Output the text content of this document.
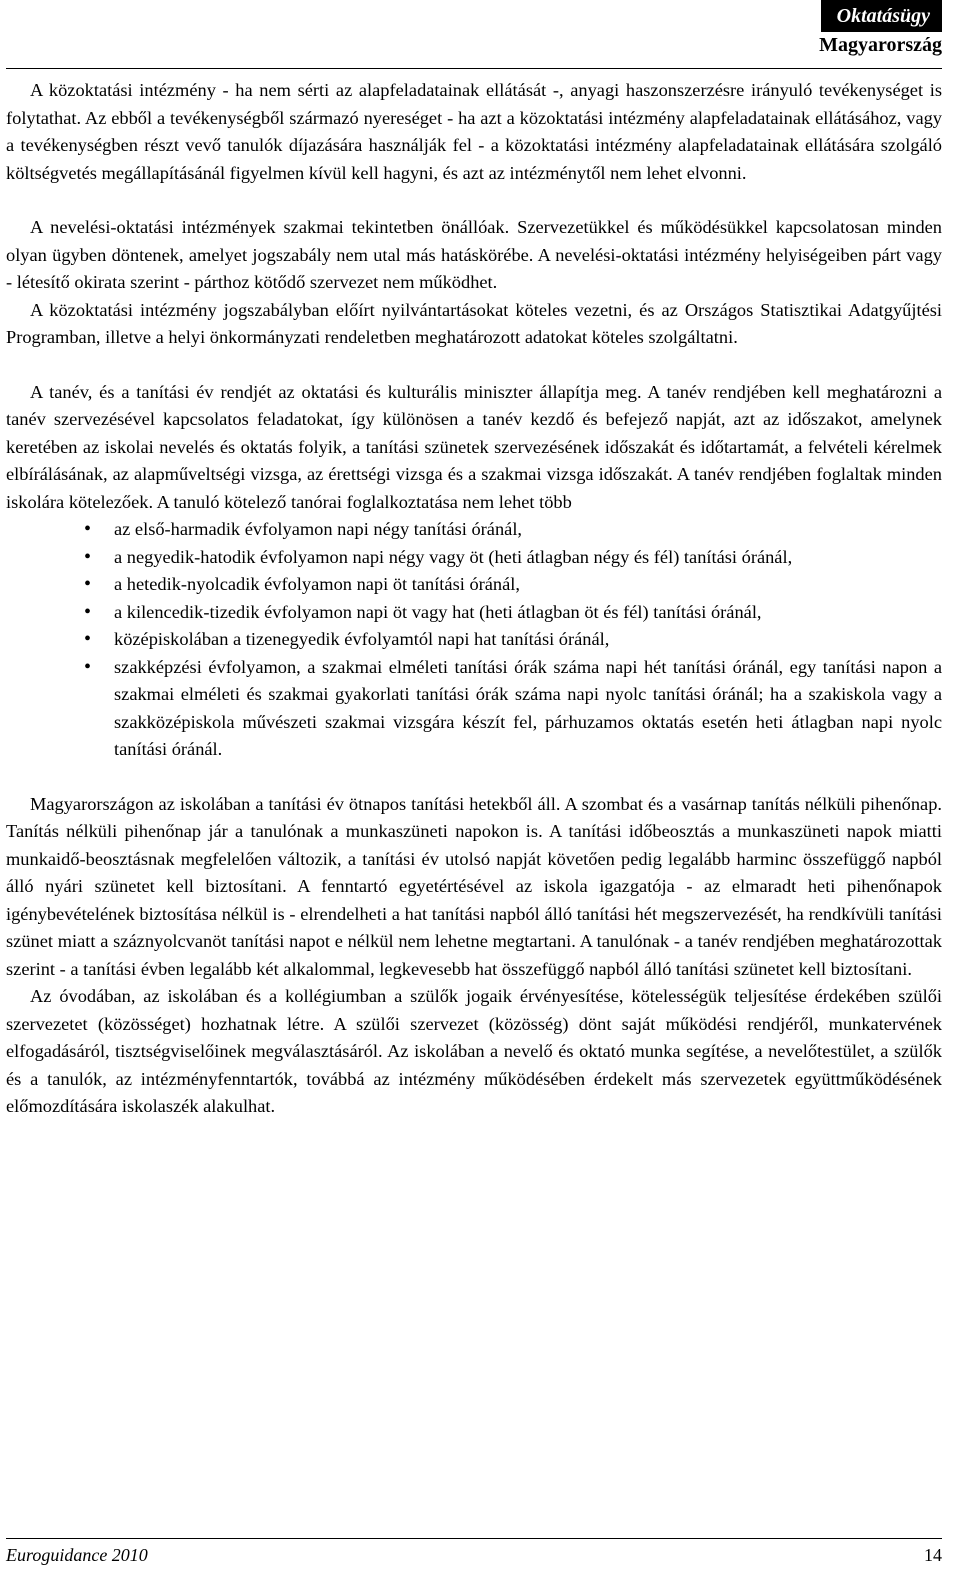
Oktatásügy
Magyarország

A közoktatási intézmény - ha nem sérti az alapfeladatainak ellátását -, anyagi haszonszerzésre irányuló tevékenységet is folytathat. Az ebből a tevékenységből származó nyereséget - ha azt a közoktatási intézmény alapfeladatainak ellátásához, vagy a tevékenységben részt vevő tanulók díjazására használják fel - a közoktatási intézmény alapfeladatainak ellátására szolgáló költségvetés megállapításánál figyelmen kívül kell hagyni, és azt az intézménytől nem lehet elvonni.

A nevelési-oktatási intézmények szakmai tekintetben önállóak. Szervezetükkel és működésükkel kapcsolatosan minden olyan ügyben döntenek, amelyet jogszabály nem utal más hatáskörébe. A nevelési-oktatási intézmény helyiségeiben párt vagy - létesítő okirata szerint - párthoz kötődő szervezet nem működhet.

A közoktatási intézmény jogszabályban előírt nyilvántartásokat köteles vezetni, és az Országos Statisztikai Adatgyűjtési Programban, illetve a helyi önkormányzati rendeletben meghatározott adatokat köteles szolgáltatni.

A tanév, és a tanítási év rendjét az oktatási és kulturális miniszter állapítja meg. A tanév rendjében kell meghatározni a tanév szervezésével kapcsolatos feladatokat, így különösen a tanév kezdő és befejező napját, azt az időszakot, amelynek keretében az iskolai nevelés és oktatás folyik, a tanítási szünetek szervezésének időszakát és időtartamát, a felvételi kérelmek elbírálásának, az alapműveltségi vizsga, az érettségi vizsga és a szakmai vizsga időszakát. A tanév rendjében foglaltak minden iskolára kötelezőek. A tanuló kötelező tanórai foglalkoztatása nem lehet több

• az első-harmadik évfolyamon napi négy tanítási óránál,
• a negyedik-hatodik évfolyamon napi négy vagy öt (heti átlagban négy és fél) tanítási óránál,
• a hetedik-nyolcadik évfolyamon napi öt tanítási óránál,
• a kilencedik-tizedik évfolyamon napi öt vagy hat (heti átlagban öt és fél) tanítási óránál,
• középiskolában a tizenegyedik évfolyamtól napi hat tanítási óránál,
• szakképzési évfolyamon, a szakmai elméleti tanítási órák száma napi hét tanítási óránál, egy tanítási napon a szakmai elméleti és szakmai gyakorlati tanítási órák száma napi nyolc tanítási óránál; ha a szakiskola vagy a szakközépiskola művészeti szakmai vizsgára készít fel, párhuzamos oktatás esetén heti átlagban napi nyolc tanítási óránál.

Magyarországon az iskolában a tanítási év ötnapos tanítási hetekből áll. A szombat és a vasárnap tanítás nélküli pihenőnap. Tanítás nélküli pihenőnap jár a tanulónak a munkaszüneti napokon is. A tanítási időbeosztás a munkaszüneti napok miatti munkaidő-beosztásnak megfelelően változik, a tanítási év utolsó napját követően pedig legalább harminc összefüggő napból álló nyári szünetet kell biztosítani. A fenntartó egyetértésével az iskola igazgatója - az elmaradt heti pihenőnapok igénybevételének biztosítása nélkül is - elrendelheti a hat tanítási napból álló tanítási hét megszervezését, ha rendkívüli tanítási szünet miatt a száznyolcvanöt tanítási napot e nélkül nem lehetne megtartani. A tanulónak - a tanév rendjében meghatározottak szerint - a tanítási évben legalább két alkalommal, legkevesebb hat összefüggő napból álló tanítási szünetet kell biztosítani.

Az óvodában, az iskolában és a kollégiumban a szülők jogaik érvényesítése, kötelességük teljesítése érdekében szülői szervezetet (közösséget) hozhatnak létre. A szülői szervezet (közösség) dönt saját működési rendjéről, munkatervének elfogadásáról, tisztségviselőinek megválasztásáról. Az iskolában a nevelő és oktató munka segítése, a nevelőtestület, a szülők és a tanulók, az intézményfenntartók, továbbá az intézmény működésében érdekelt más szervezetek együttműködésének előmozdítására iskolaszék alakulhat.

Euroguidance 2010	14
